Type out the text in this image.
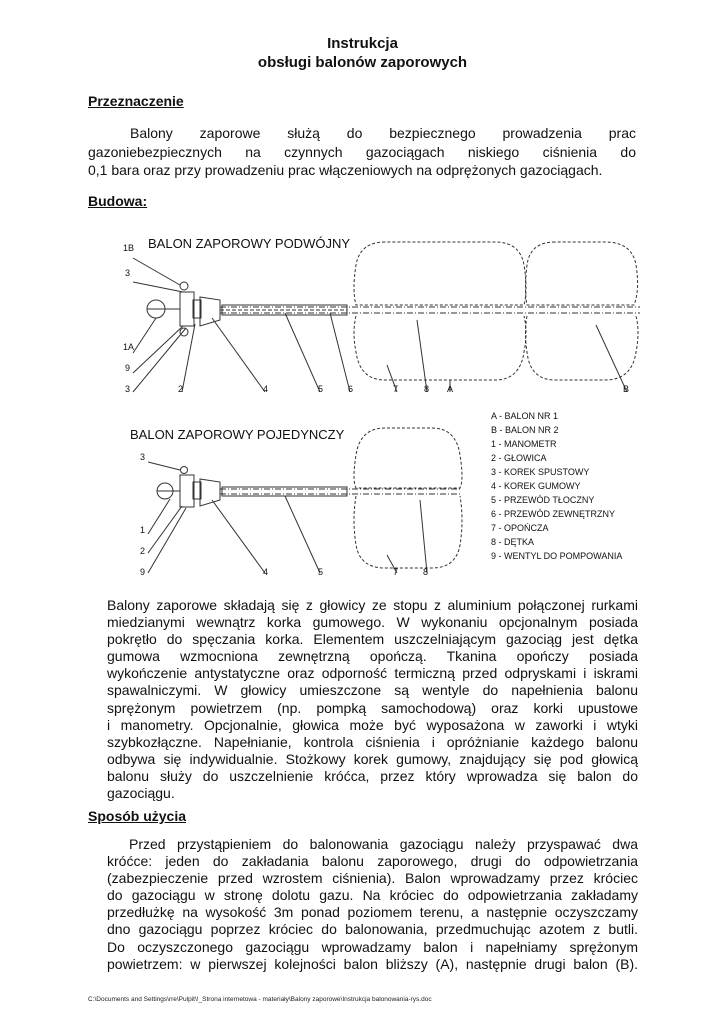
Instrukcja
obsługi balonów zaporowych
Przeznaczenie
Balony zaporowe służą do bezpiecznego prowadzenia prac
gazoniebezpiecznych na czynnych gazociągach niskiego ciśnienia do
0,1 bara oraz przy prowadzeniu prac włączeniowych na odprężonych gazociągach.
Budowa:
BALON ZAPOROWY PODWÓJNY
BALON ZAPOROWY POJEDYNCZY
1B
3
1A
9
3	2	4	5	6	7	8 A	B
3
1
2
9	4	5	7	8
A - BALON NR 1
B - BALON NR 2
1 - MANOMETR
2 - GŁOWICA
3 - KOREK SPUSTOWY
4 - KOREK GUMOWY
5 - PRZEWÓD TŁOCZNY
6 - PRZEWÓD ZEWNĘTRZNY
7 - OPOŃCZA
8 - DĘTKA
9 - WENTYL DO POMPOWANIA
Balony zaporowe składają się z głowicy ze stopu z aluminium połączonej rurkami
miedzianymi wewnątrz korka gumowego. W wykonaniu opcjonalnym posiada
pokrętło do spęczania korka. Elementem uszczelniającym gazociąg jest dętka
gumowa wzmocniona zewnętrzną opończą. Tkanina opończy posiada
wykończenie antystatyczne oraz odporność termiczną przed odpryskami i iskrami
spawalniczymi. W głowicy umieszczone są wentyle do napełnienia balonu
sprężonym powietrzem (np. pompką samochodową) oraz korki upustowe
i manometry. Opcjonalnie, głowica może być wyposażona w zaworki i wtyki
szybkozłączne. Napełnianie, kontrola ciśnienia i opróżnianie każdego balonu
odbywa się indywidualnie. Stożkowy korek gumowy, znajdujący się pod głowicą
balonu służy do uszczelnienie króćca, przez który wprowadza się balon do
gazociągu.
Sposób użycia
Przed przystąpieniem do balonowania gazociągu należy przyspawać dwa
króćce: jeden do zakładania balonu zaporowego, drugi do odpowietrzania
(zabezpieczenie przed wzrostem ciśnienia). Balon wprowadzamy przez króciec
do gazociągu w stronę dolotu gazu. Na króciec do odpowietrzania zakładamy
przedłużkę na wysokość 3m ponad poziomem terenu, a następnie oczyszczamy
dno gazociągu poprzez króciec do balonowania, przedmuchując azotem z butli.
Do oczyszczonego gazociągu wprowadzamy balon i napełniamy sprężonym
powietrzem: w pierwszej kolejności balon bliższy (A), następnie drugi balon (B).
C:\Documents and Settings\rre\Pulpit\!_Strona internetowa - materiały\Balony zaporowe\Instrukcja balonowania-rys.doc
